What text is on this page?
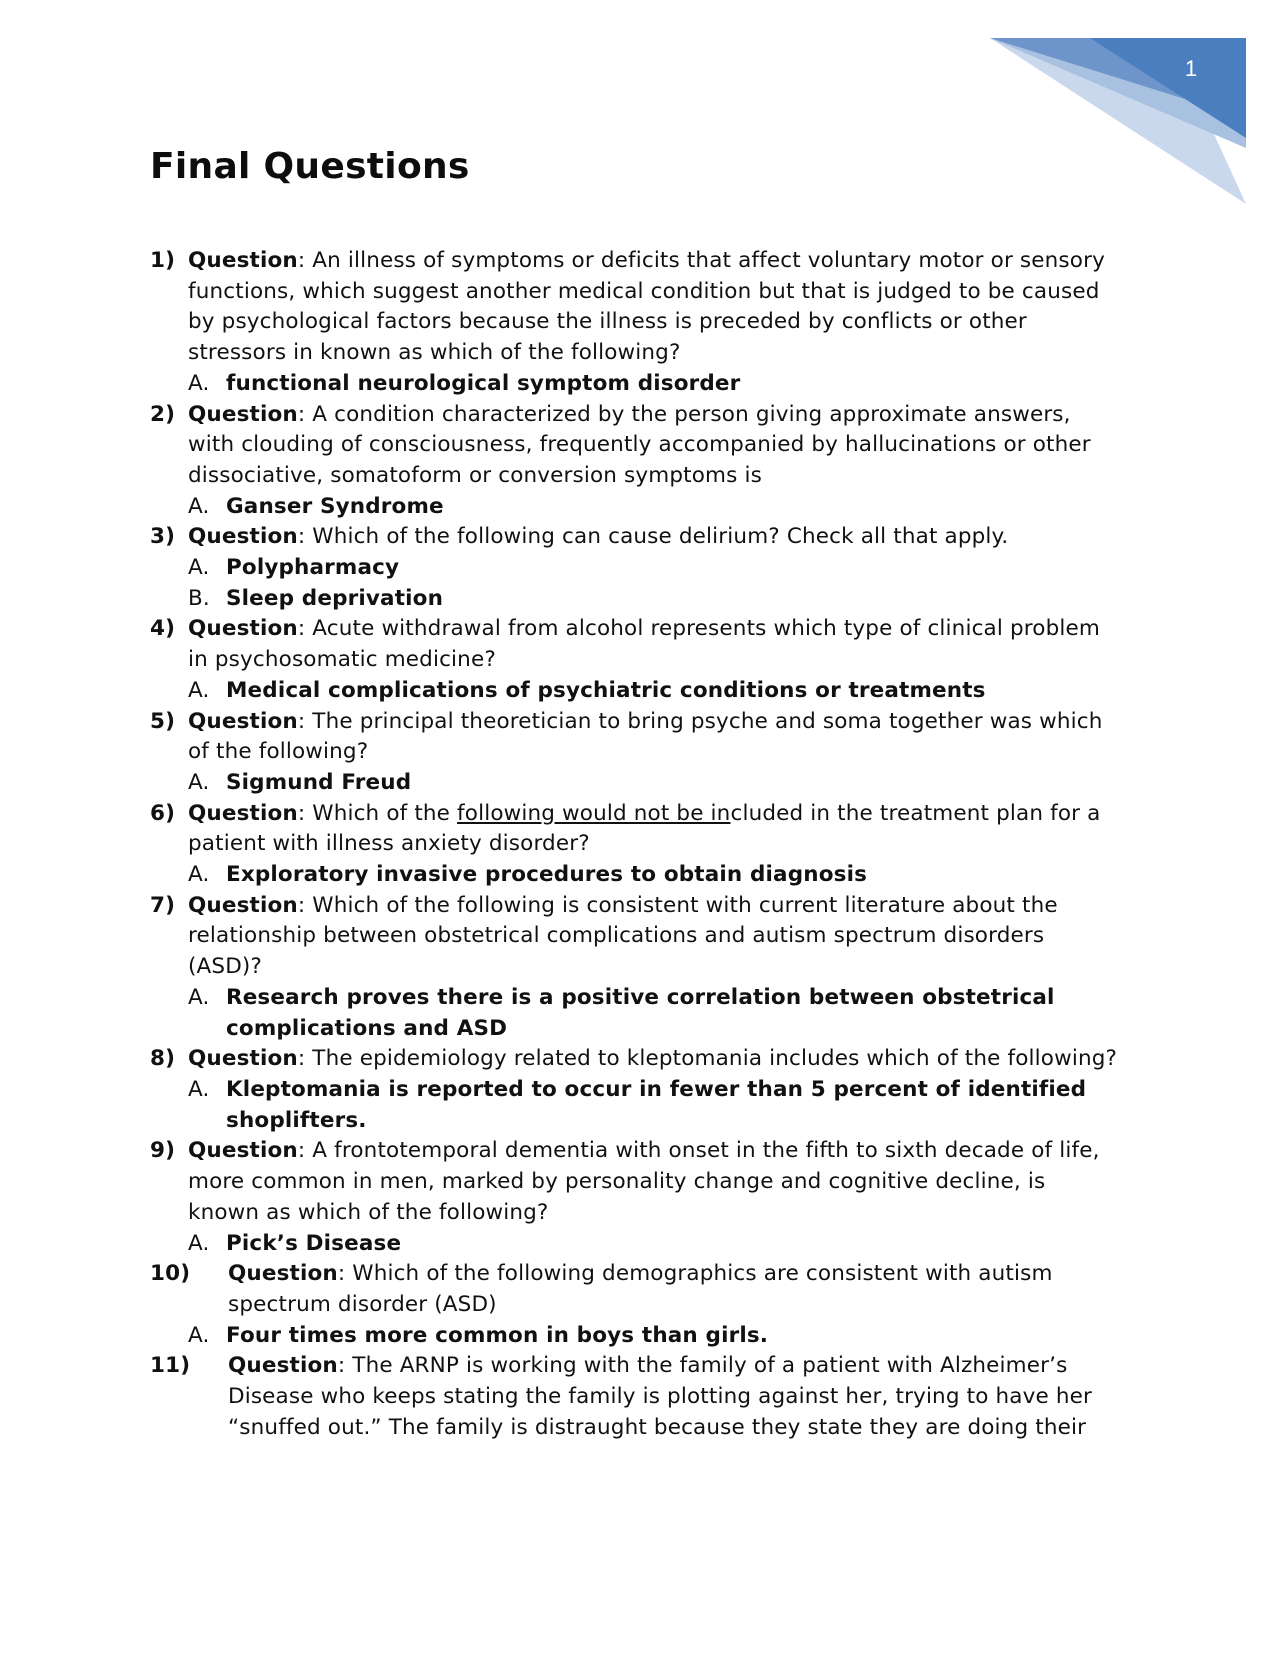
1
Final Questions
1) Question: An illness of symptoms or deficits that affect voluntary motor or sensory functions, which suggest another medical condition but that is judged to be caused by psychological factors because the illness is preceded by conflicts or other stressors in known as which of the following?
A. functional neurological symptom disorder
2) Question: A condition characterized by the person giving approximate answers, with clouding of consciousness, frequently accompanied by hallucinations or other dissociative, somatoform or conversion symptoms is
A. Ganser Syndrome
3) Question: Which of the following can cause delirium? Check all that apply.
A. Polypharmacy
B. Sleep deprivation
4) Question: Acute withdrawal from alcohol represents which type of clinical problem in psychosomatic medicine?
A. Medical complications of psychiatric conditions or treatments
5) Question: The principal theoretician to bring psyche and soma together was which of the following?
A. Sigmund Freud
6) Question: Which of the following would not be included in the treatment plan for a patient with illness anxiety disorder?
A. Exploratory invasive procedures to obtain diagnosis
7) Question: Which of the following is consistent with current literature about the relationship between obstetrical complications and autism spectrum disorders (ASD)?
A. Research proves there is a positive correlation between obstetrical complications and ASD
8) Question: The epidemiology related to kleptomania includes which of the following?
A. Kleptomania is reported to occur in fewer than 5 percent of identified shoplifters.
9) Question: A frontotemporal dementia with onset in the fifth to sixth decade of life, more common in men, marked by personality change and cognitive decline, is known as which of the following?
A. Pick’s Disease
10) Question: Which of the following demographics are consistent with autism spectrum disorder (ASD)
A. Four times more common in boys than girls.
11) Question: The ARNP is working with the family of a patient with Alzheimer’s Disease who keeps stating the family is plotting against her, trying to have her “snuffed out.” The family is distraught because they state they are doing their
